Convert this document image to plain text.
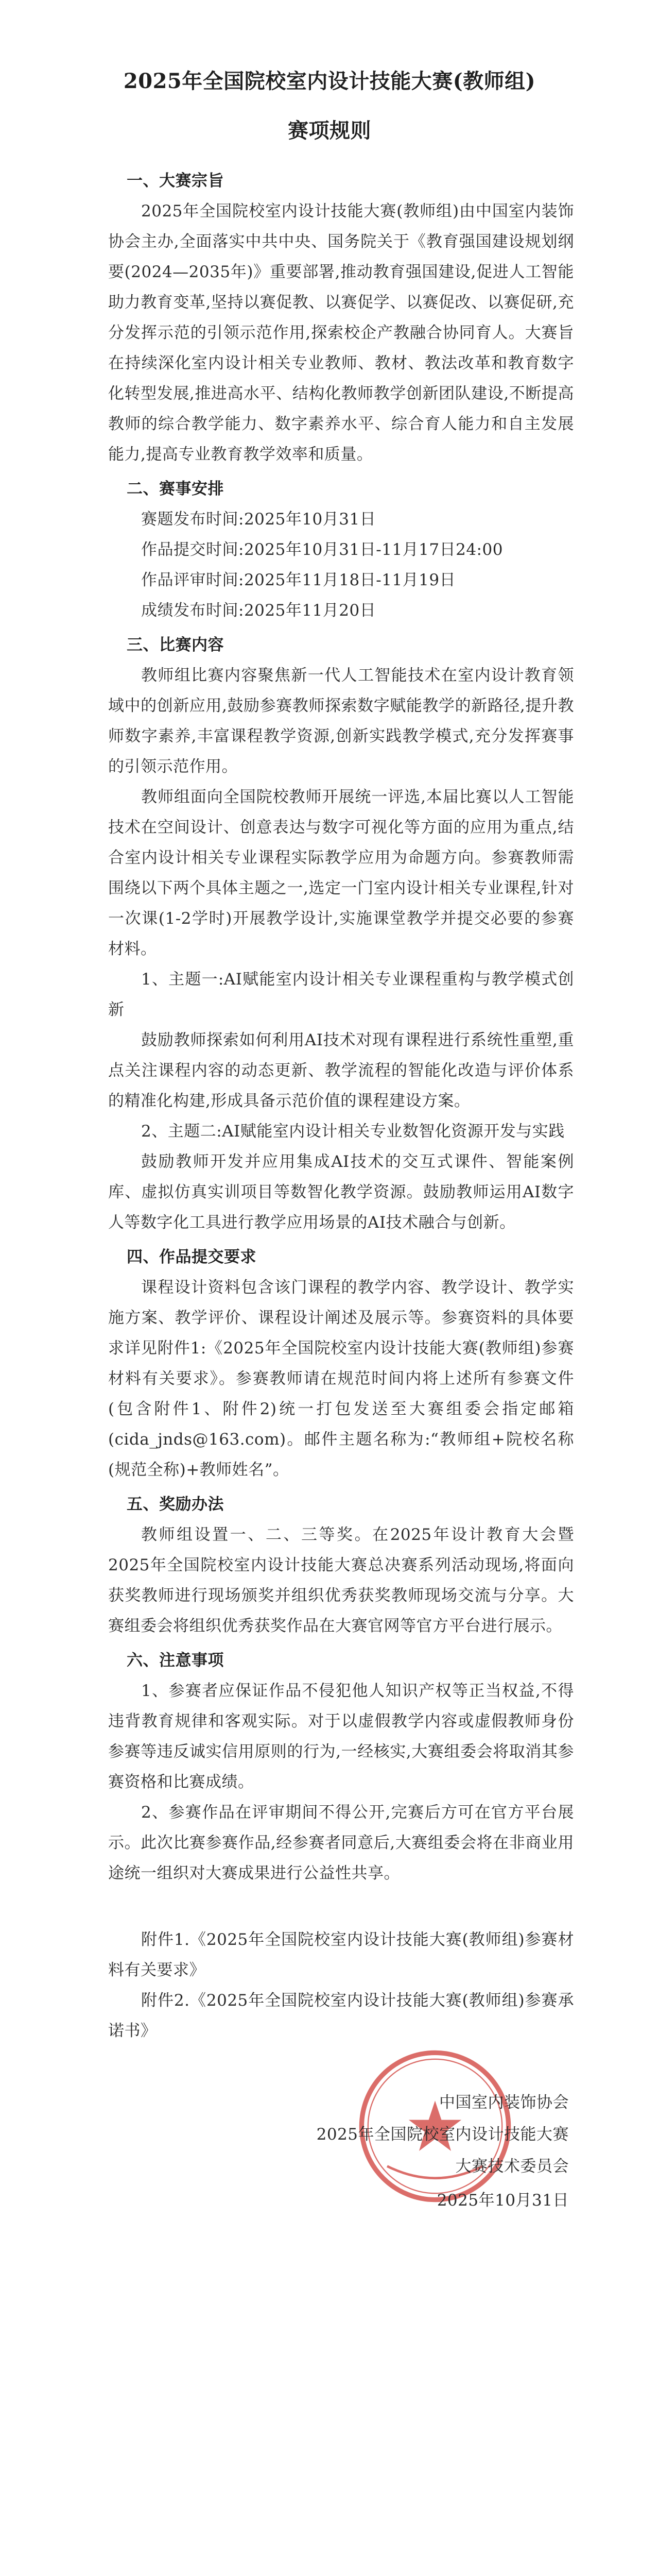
2025年全国院校室内设计技能大赛(教师组)
赛项规则
一、大赛宗旨

2025年全国院校室内设计技能大赛(教师组)由中国室内装饰协会主办,全面落实中共中央、国务院关于《教育强国建设规划纲要(2024—2035年)》重要部署,推动教育强国建设,促进人工智能助力教育变革,坚持以赛促教、以赛促学、以赛促改、以赛促研,充分发挥示范的引领示范作用,探索校企产教融合协同育人。大赛旨在持续深化室内设计相关专业教师、教材、教法改革和教育数字化转型发展,推进高水平、结构化教师教学创新团队建设,不断提高教师的综合教学能力、数字素养水平、综合育人能力和自主发展能力,提高专业教育教学效率和质量。

二、赛事安排

赛题发布时间:2025年10月31日

作品提交时间:2025年10月31日-11月17日24:00

作品评审时间:2025年11月18日-11月19日

成绩发布时间:2025年11月20日

三、比赛内容

教师组比赛内容聚焦新一代人工智能技术在室内设计教育领域中的创新应用,鼓励参赛教师探索数字赋能教学的新路径,提升教师数字素养,丰富课程教学资源,创新实践教学模式,充分发挥赛事的引领示范作用。

教师组面向全国院校教师开展统一评选,本届比赛以人工智能技术在空间设计、创意表达与数字可视化等方面的应用为重点,结合室内设计相关专业课程实际教学应用为命题方向。参赛教师需围绕以下两个具体主题之一,选定一门室内设计相关专业课程,针对一次课(1-2学时)开展教学设计,实施课堂教学并提交必要的参赛材料。

1、主题一:AI赋能室内设计相关专业课程重构与教学模式创新

鼓励教师探索如何利用AI技术对现有课程进行系统性重塑,重点关注课程内容的动态更新、教学流程的智能化改造与评价体系的精准化构建,形成具备示范价值的课程建设方案。

2、主题二:AI赋能室内设计相关专业数智化资源开发与实践

鼓励教师开发并应用集成AI技术的交互式课件、智能案例库、虚拟仿真实训项目等数智化教学资源。鼓励教师运用AI数字人等数字化工具进行教学应用场景的AI技术融合与创新。

四、作品提交要求

课程设计资料包含该门课程的教学内容、教学设计、教学实施方案、教学评价、课程设计阐述及展示等。参赛资料的具体要求详见附件1:《2025年全国院校室内设计技能大赛(教师组)参赛材料有关要求》。参赛教师请在规范时间内将上述所有参赛文件(包含附件1、附件2)统一打包发送至大赛组委会指定邮箱(cida_jnds@163.com)。邮件主题名称为:“教师组+院校名称(规范全称)+教师姓名”。

五、奖励办法

教师组设置一、二、三等奖。在2025年设计教育大会暨2025年全国院校室内设计技能大赛总决赛系列活动现场,将面向获奖教师进行现场颁奖并组织优秀获奖教师现场交流与分享。大赛组委会将组织优秀获奖作品在大赛官网等官方平台进行展示。

六、注意事项

1、参赛者应保证作品不侵犯他人知识产权等正当权益,不得违背教育规律和客观实际。对于以虚假教学内容或虚假教师身份参赛等违反诚实信用原则的行为,一经核实,大赛组委会将取消其参赛资格和比赛成绩。

2、参赛作品在评审期间不得公开,完赛后方可在官方平台展示。此次比赛参赛作品,经参赛者同意后,大赛组委会将在非商业用途统一组织对大赛成果进行公益性共享。

附件1.《2025年全国院校室内设计技能大赛(教师组)参赛材料有关要求》

附件2.《2025年全国院校室内设计技能大赛(教师组)参赛承诺书》

中国室内装饰协会
2025年全国院校室内设计技能大赛
大赛技术委员会
2025年10月31日
